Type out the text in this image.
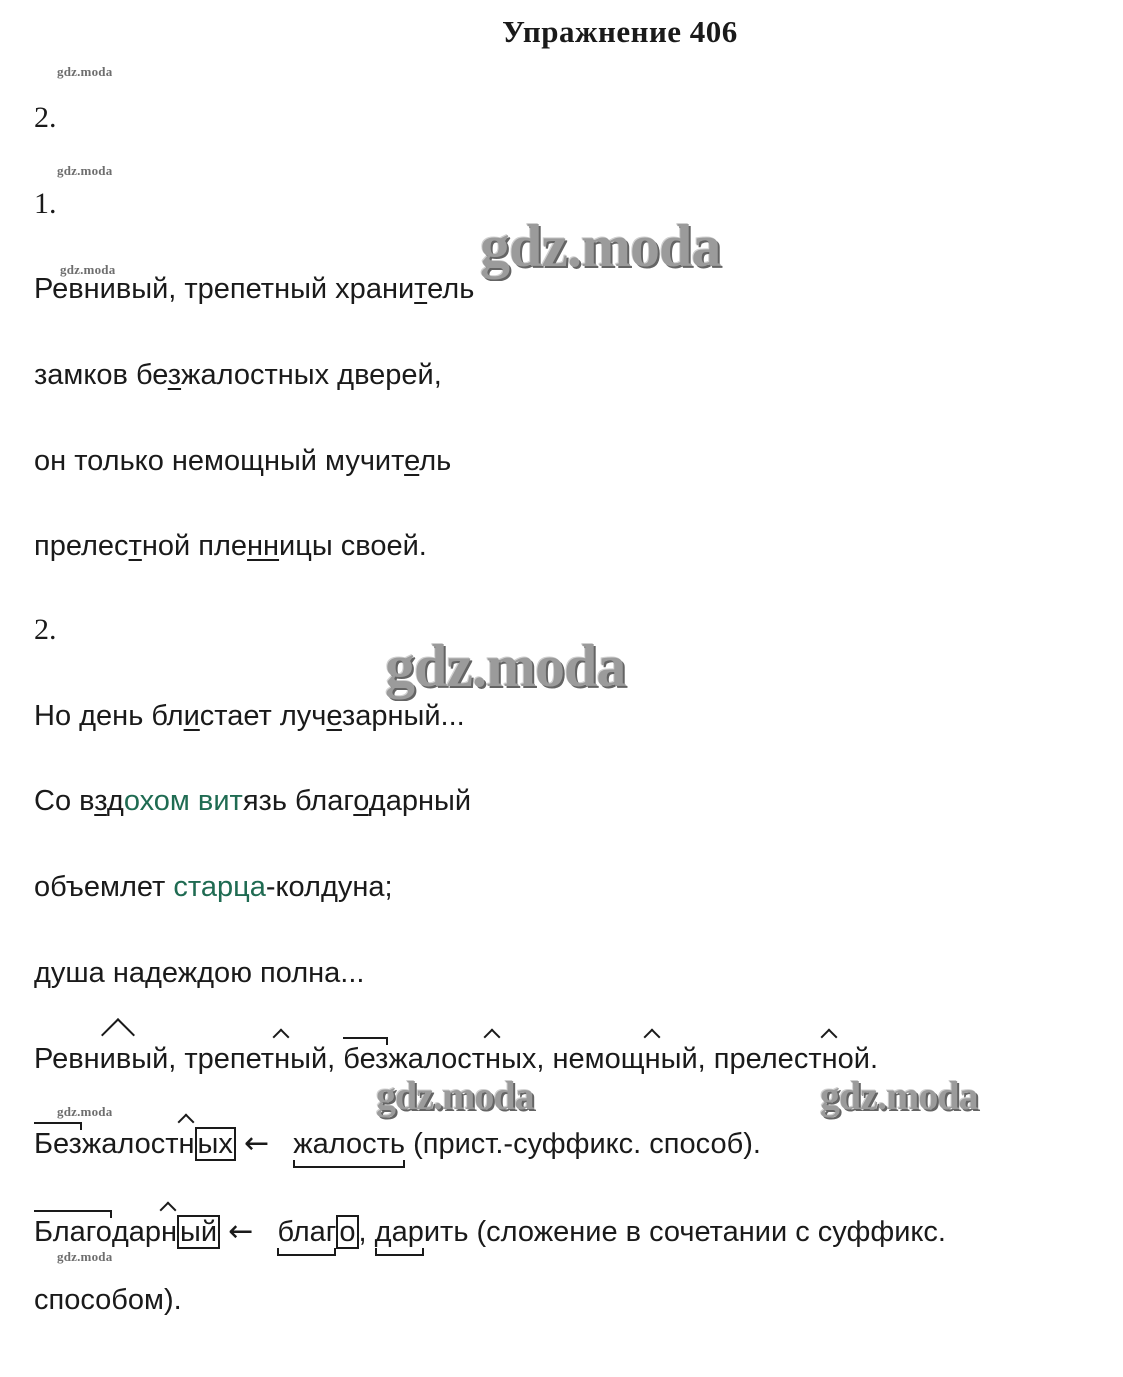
Упражнение 406
gdz.moda
gdz.moda
gdz.moda
gdz.moda
gdz.moda
gdz.moda
gdz.moda
gdz.moda	gdz.moda
2.
1.
Ревнивый, трепетный хранитель
замков безжалостных дверей,
он только немощный мучитель
прелестной пленницы своей.
2.
Но день блистает лучезарный...
Со вздохом витязь благодарный
объемлет старца-колдуна;
душа надеждою полна...
Ревнивый, трепетный, безжалостных, немощный, прелестной.
Безжалостн ых ← жалость (прист.-суффикс. способ).
Благодарн ый ← благ о , дарить (сложение в сочетании с суффикс.
способом).
